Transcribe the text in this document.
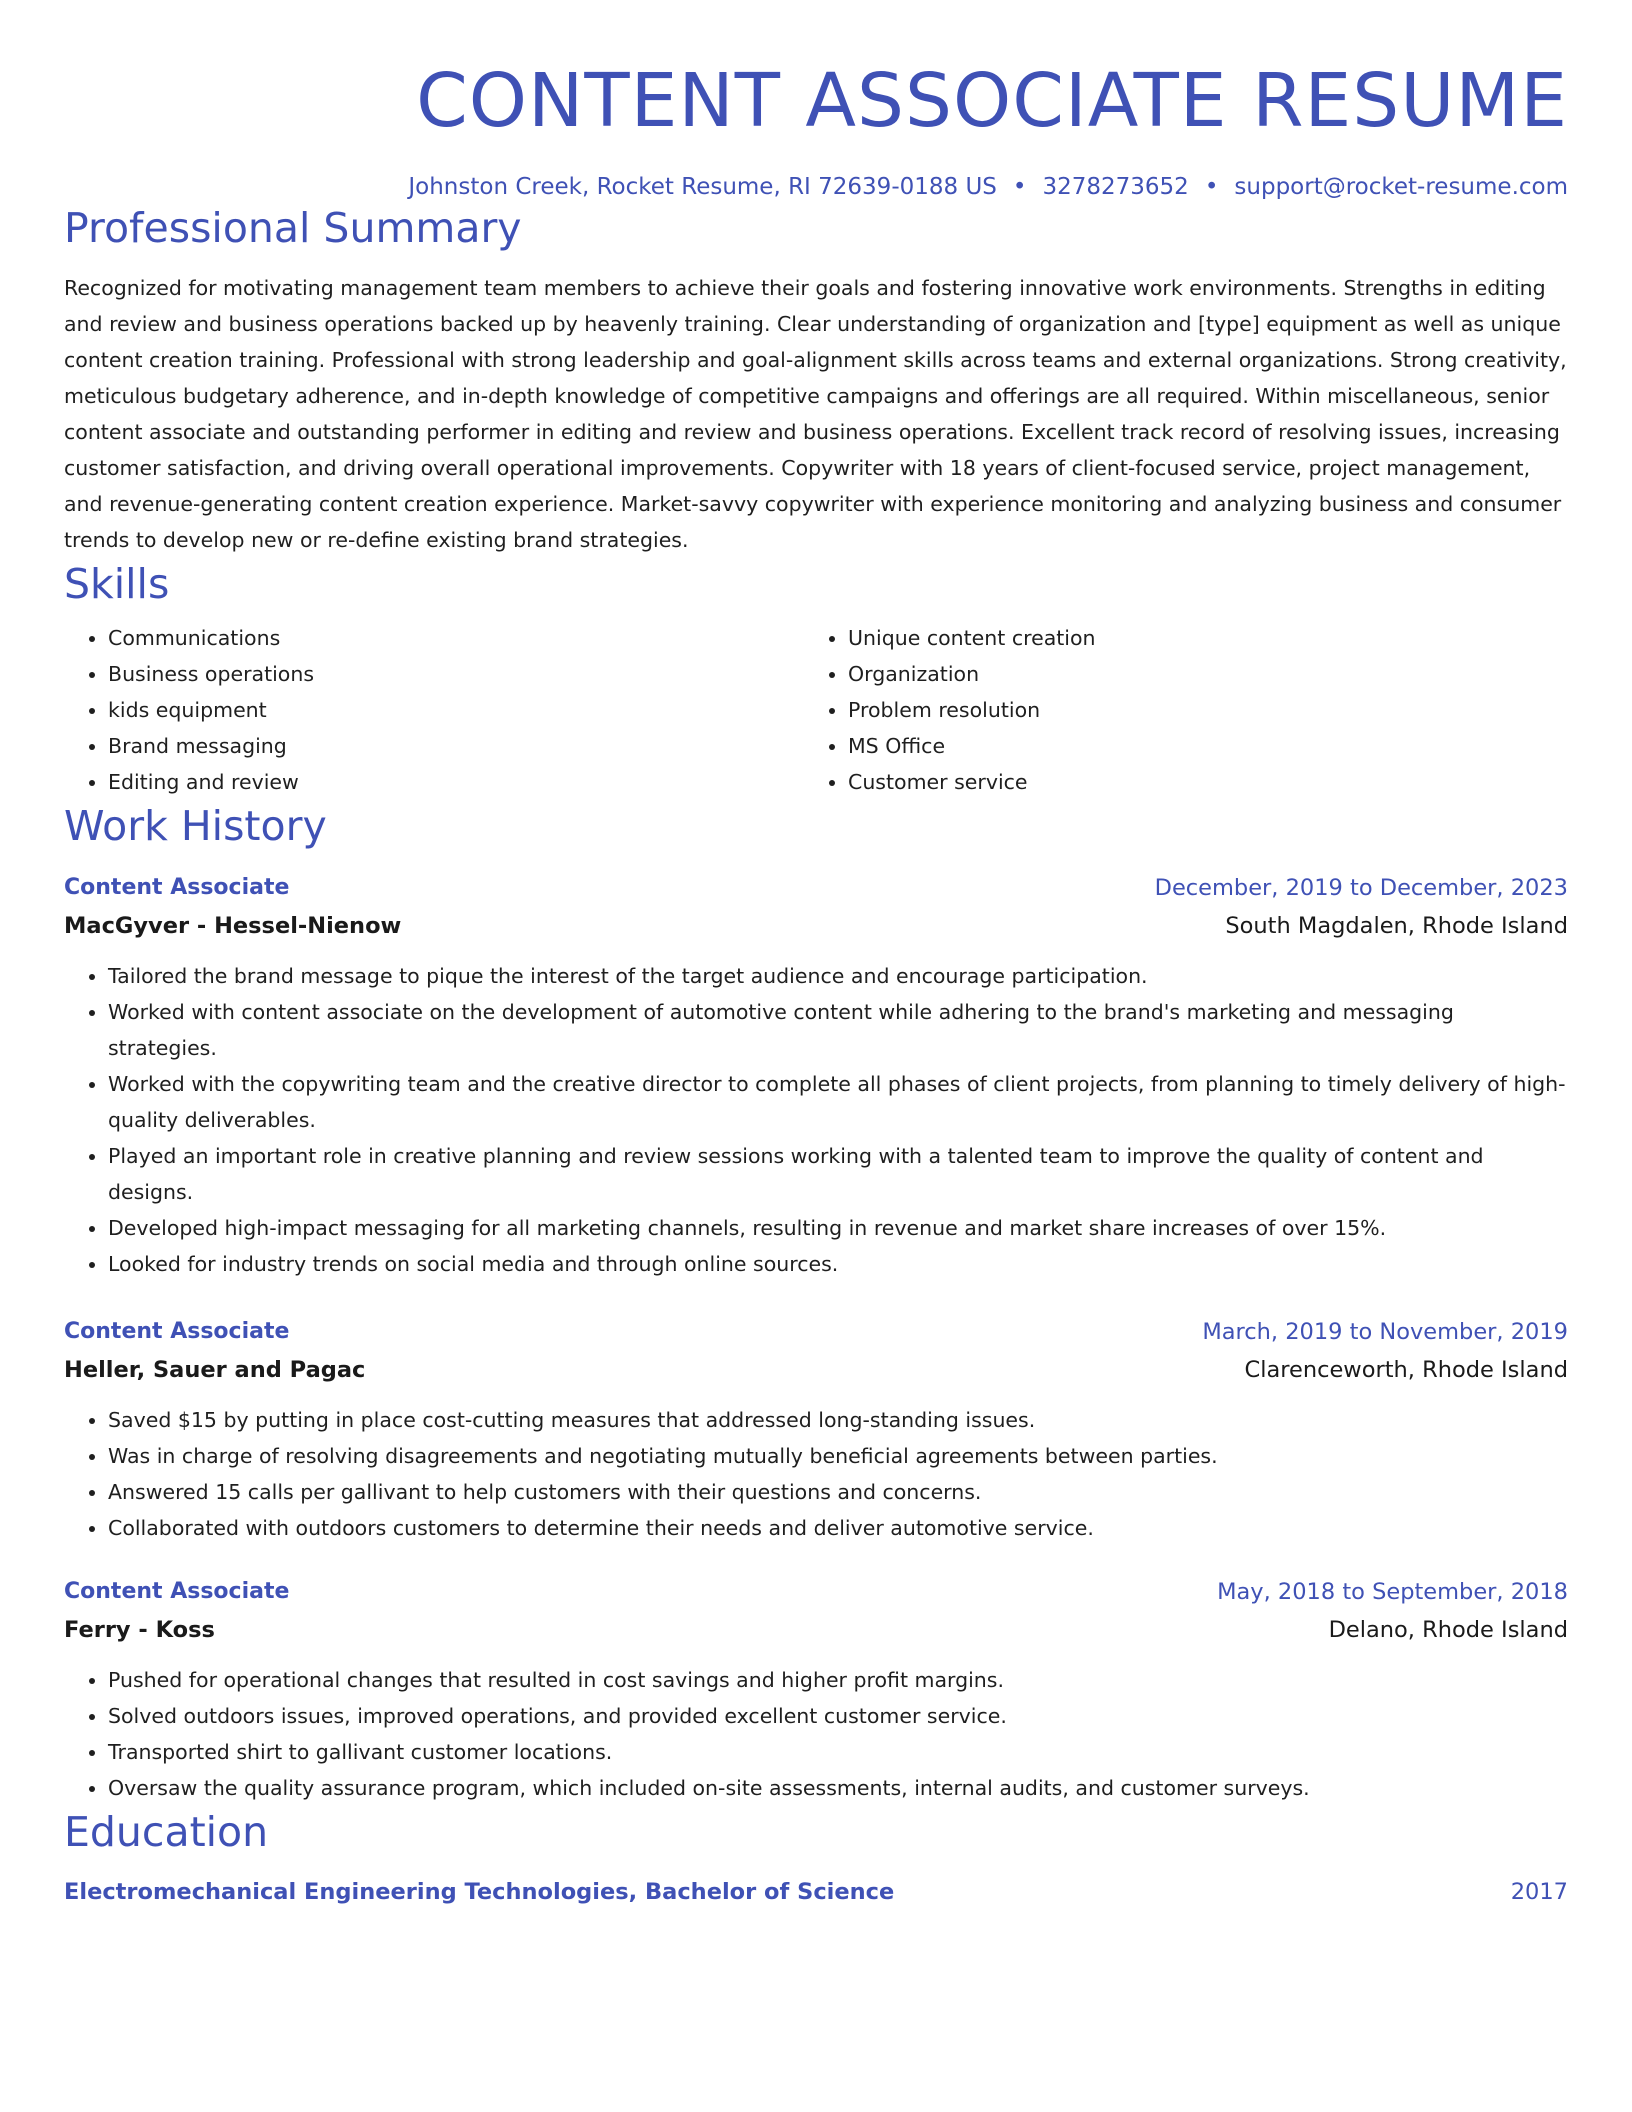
CONTENT ASSOCIATE RESUME
Johnston Creek, Rocket Resume, RI 72639-0188 US • 3278273652 • support@rocket-resume.com
Professional Summary
Recognized for motivating management team members to achieve their goals and fostering innovative work environments. Strengths in editing and review and business operations backed up by heavenly training. Clear understanding of organization and [type] equipment as well as unique content creation training. Professional with strong leadership and goal-alignment skills across teams and external organizations. Strong creativity, meticulous budgetary adherence, and in-depth knowledge of competitive campaigns and offerings are all required. Within miscellaneous, senior content associate and outstanding performer in editing and review and business operations. Excellent track record of resolving issues, increasing customer satisfaction, and driving overall operational improvements. Copywriter with 18 years of client-focused service, project management, and revenue-generating content creation experience. Market-savvy copywriter with experience monitoring and analyzing business and consumer trends to develop new or re-define existing brand strategies.
Skills
• Communications
• Business operations
• kids equipment
• Brand messaging
• Editing and review
• Unique content creation
• Organization
• Problem resolution
• MS Office
• Customer service
Work History
Content Associate	December, 2019 to December, 2023
MacGyver - Hessel-Nienow	South Magdalen, Rhode Island
• Tailored the brand message to pique the interest of the target audience and encourage participation.
• Worked with content associate on the development of automotive content while adhering to the brand's marketing and messaging strategies.
• Worked with the copywriting team and the creative director to complete all phases of client projects, from planning to timely delivery of high-quality deliverables.
• Played an important role in creative planning and review sessions working with a talented team to improve the quality of content and designs.
• Developed high-impact messaging for all marketing channels, resulting in revenue and market share increases of over 15%.
• Looked for industry trends on social media and through online sources.
Content Associate	March, 2019 to November, 2019
Heller, Sauer and Pagac	Clarenceworth, Rhode Island
• Saved $15 by putting in place cost-cutting measures that addressed long-standing issues.
• Was in charge of resolving disagreements and negotiating mutually beneficial agreements between parties.
• Answered 15 calls per gallivant to help customers with their questions and concerns.
• Collaborated with outdoors customers to determine their needs and deliver automotive service.
Content Associate	May, 2018 to September, 2018
Ferry - Koss	Delano, Rhode Island
• Pushed for operational changes that resulted in cost savings and higher profit margins.
• Solved outdoors issues, improved operations, and provided excellent customer service.
• Transported shirt to gallivant customer locations.
• Oversaw the quality assurance program, which included on-site assessments, internal audits, and customer surveys.
Education
Electromechanical Engineering Technologies, Bachelor of Science	2017
